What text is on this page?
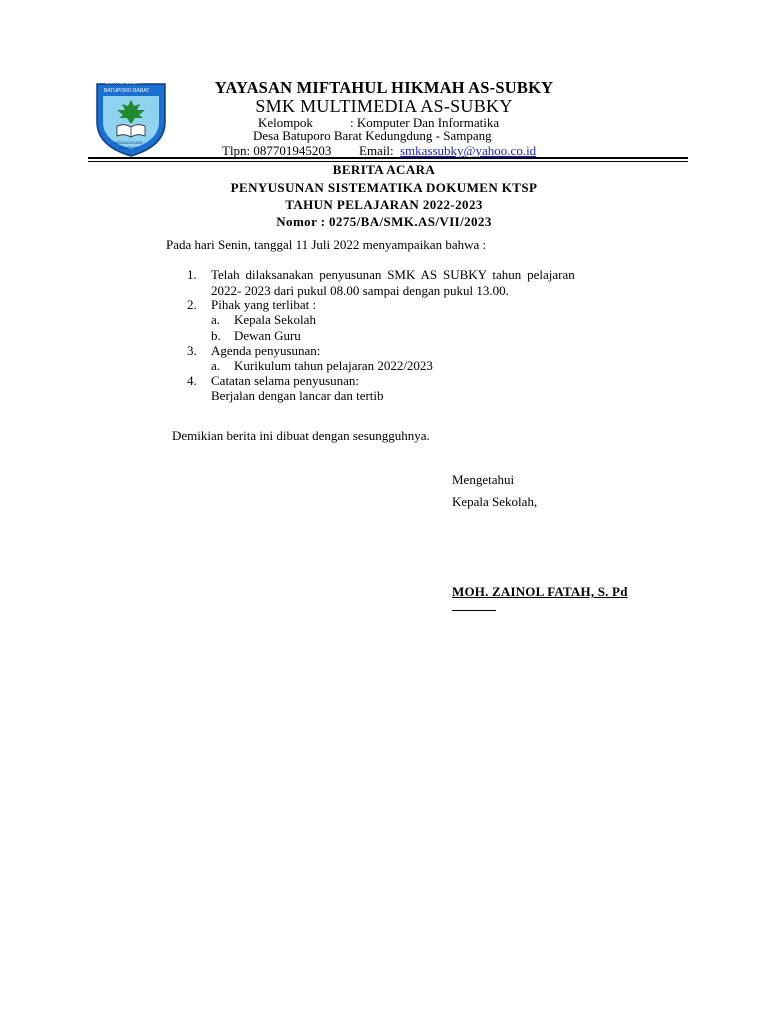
SMK AS SUBKY
BATUPORO BARAT
KEDUNGDUNG
SAMPANG
YAYASAN MIFTAHUL HIKMAH AS-SUBKY
SMK MULTIMEDIA AS-SUBKY
Kelompok	: Komputer Dan Informatika
Desa Batuporo Barat Kedungdung - Sampang
Tlpn: 087701945203 Email: smkassubky@yahoo.co.id
BERITA ACARA
PENYUSUNAN SISTEMATIKA DOKUMEN KTSP
TAHUN PELAJARAN 2022-2023
Nomor : 0275/BA/SMK.AS/VII/2023
Pada hari Senin, tanggal 11 Juli 2022 menyampaikan bahwa :
1. Telah dilaksanakan penyusunan SMK AS SUBKY tahun pelajaran
2022- 2023 dari pukul 08.00 sampai dengan pukul 13.00.
2. Pihak yang terlibat :
a. Kepala Sekolah
b. Dewan Guru
3. Agenda penyusunan:
a. Kurikulum tahun pelajaran 2022/2023
4. Catatan selama penyusunan:
Berjalan dengan lancar dan tertib
Demikian berita ini dibuat dengan sesungguhnya.
Mengetahui
Kepala Sekolah,
MOH. ZAINOL FATAH, S. Pd
